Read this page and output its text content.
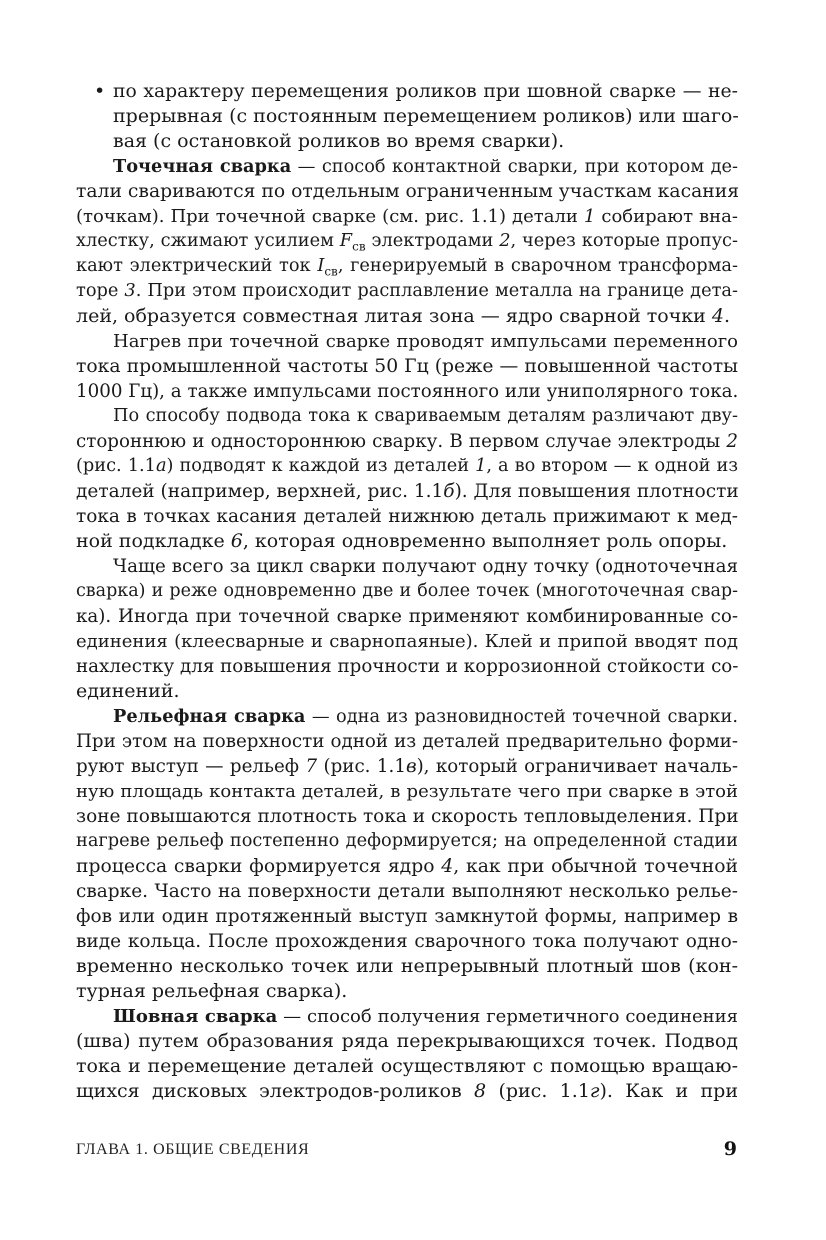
• по характеру перемещения роликов при шовной сварке — не-
прерывная (с постоянным перемещением роликов) или шаго-
вая (с остановкой роликов во время сварки).
Точечная сварка — способ контактной сварки, при котором де-
тали свариваются по отдельным ограниченным участкам касания
(точкам). При точечной сварке (см. рис. 1.1) детали 1 собирают вна-
хлестку, сжимают усилием $F_{св}$ электродами 2, через которые пропус-
кают электрический ток $I_{св}$, генерируемый в сварочном трансформа-
торе 3. При этом происходит расплавление металла на границе дета-
лей, образуется совместная литая зона — ядро сварной точки 4.
Нагрев при точечной сварке проводят импульсами переменного
тока промышленной частоты 50 Гц (реже — повышенной частоты
1000 Гц), а также импульсами постоянного или униполярного тока.
По способу подвода тока к свариваемым деталям различают дву-
стороннюю и одностороннюю сварку. В первом случае электроды 2
(рис. 1.1а) подводят к каждой из деталей 1, а во втором — к одной из
деталей (например, верхней, рис. 1.1б). Для повышения плотности
тока в точках касания деталей нижнюю деталь прижимают к мед-
ной подкладке 6, которая одновременно выполняет роль опоры.
Чаще всего за цикл сварки получают одну точку (одноточечная
сварка) и реже одновременно две и более точек (многоточечная свар-
ка). Иногда при точечной сварке применяют комбинированные со-
единения (клеесварные и сварнопаяные). Клей и припой вводят под
нахлестку для повышения прочности и коррозионной стойкости со-
единений.
Рельефная сварка — одна из разновидностей точечной сварки.
При этом на поверхности одной из деталей предварительно форми-
руют выступ — рельеф 7 (рис. 1.1в), который ограничивает началь-
ную площадь контакта деталей, в результате чего при сварке в этой
зоне повышаются плотность тока и скорость тепловыделения. При
нагреве рельеф постепенно деформируется; на определенной стадии
процесса сварки формируется ядро 4, как при обычной точечной
сварке. Часто на поверхности детали выполняют несколько релье-
фов или один протяженный выступ замкнутой формы, например в
виде кольца. После прохождения сварочного тока получают одно-
временно несколько точек или непрерывный плотный шов (кон-
турная рельефная сварка).
Шовная сварка — способ получения герметичного соединения
(шва) путем образования ряда перекрывающихся точек. Подвод
тока и перемещение деталей осуществляют с помощью вращаю-
щихся дисковых электродов-роликов 8 (рис. 1.1г). Как и при
ГЛАВА 1. ОБЩИЕ СВЕДЕНИЯ	9
